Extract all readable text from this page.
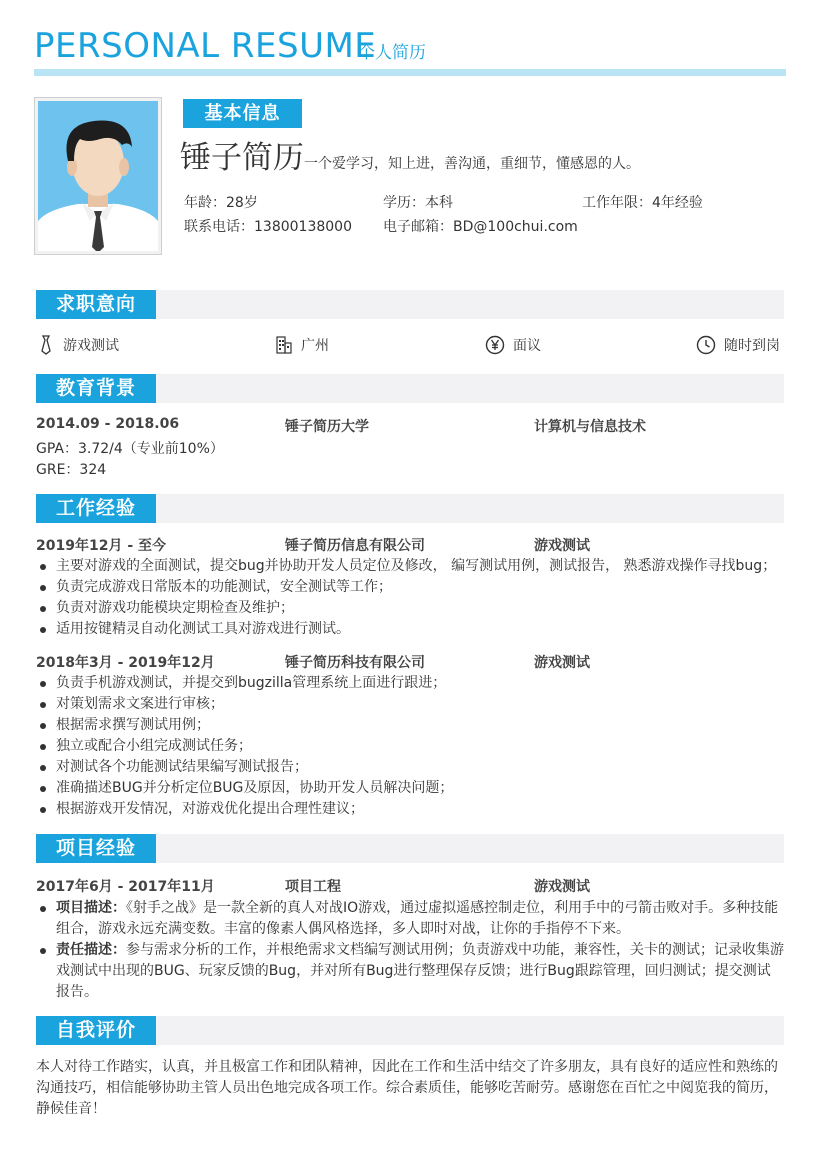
PERSONAL RESUME
个人简历
基本信息
锤子简历 一个爱学习，知上进，善沟通，重细节，懂感恩的人。
年龄：28岁	学历：本科	工作年限：4年经验
联系电话：13800138000 电子邮箱：BD@100chui.com
求职意向
游戏测试	广州	面议	随时到岗
教育背景
2014.09 - 2018.06	锤子简历大学	计算机与信息技术
GPA：3.72/4（专业前10%）
GRE：324
工作经验
2019年12月 - 至今	锤子简历信息有限公司	游戏测试
主要对游戏的全面测试，提交bug并协助开发人员定位及修改， 编写测试用例，测试报告， 熟悉游戏操作寻找bug；
负责完成游戏日常版本的功能测试，安全测试等工作；
负责对游戏功能模块定期检查及维护；
适用按键精灵自动化测试工具对游戏进行测试。
2018年3月 - 2019年12月	锤子简历科技有限公司	游戏测试
负责手机游戏测试，并提交到bugzilla管理系统上面进行跟进；
对策划需求文案进行审核；
根据需求撰写测试用例；
独立或配合小组完成测试任务；
对测试各个功能测试结果编写测试报告；
准确描述BUG并分析定位BUG及原因，协助开发人员解决问题；
根据游戏开发情况，对游戏优化提出合理性建议；
项目经验
2017年6月 - 2017年11月	项目工程	游戏测试
项目描述：《射手之战》是一款全新的真人对战IO游戏，通过虚拟遥感控制走位，利用手中的弓箭击败对手。多种技能组合，游戏永远充满变数。丰富的像素人偶风格选择，多人即时对战，让你的手指停不下来。
责任描述：参与需求分析的工作，并根绝需求文档编写测试用例；负责游戏中功能，兼容性，关卡的测试；记录收集游戏测试中出现的BUG、玩家反馈的Bug，并对所有Bug进行整理保存反馈；进行Bug跟踪管理，回归测试；提交测试报告。
自我评价
本人对待工作踏实，认真，并且极富工作和团队精神，因此在工作和生活中结交了许多朋友，具有良好的适应性和熟练的沟通技巧，相信能够协助主管人员出色地完成各项工作。综合素质佳，能够吃苦耐劳。感谢您在百忙之中阅览我的简历，静候佳音！
